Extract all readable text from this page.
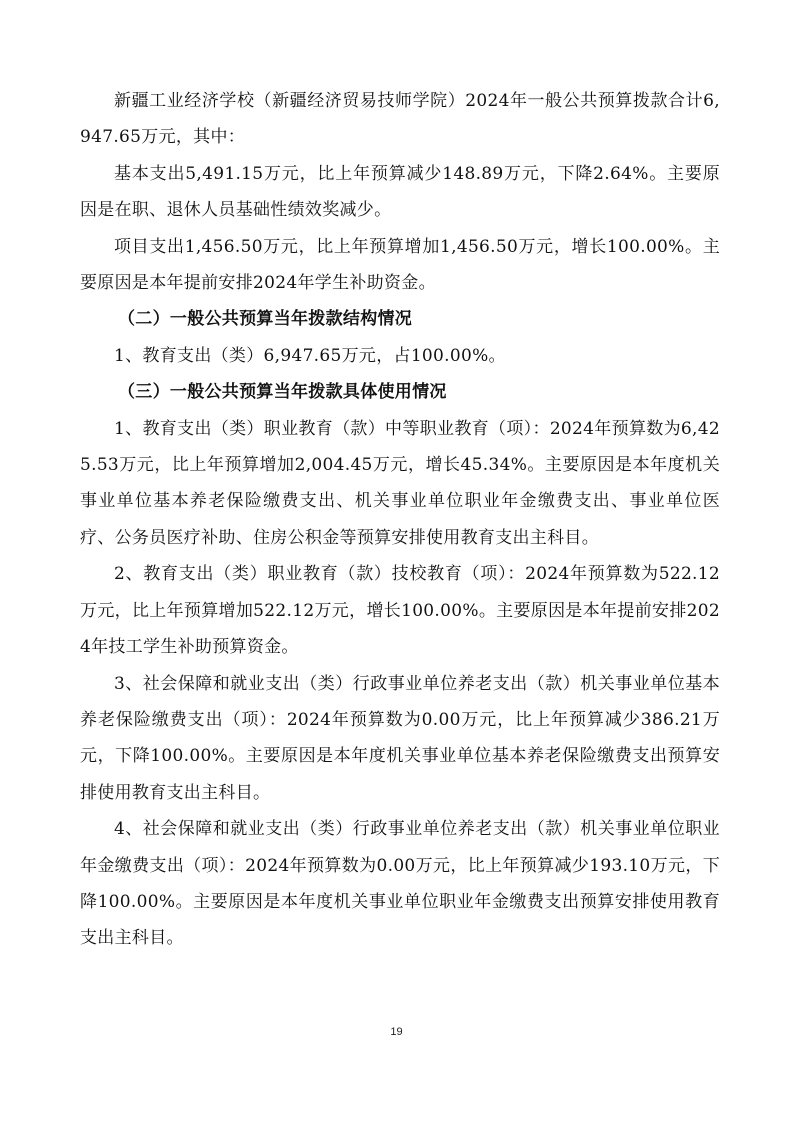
新疆工业经济学校（新疆经济贸易技师学院）2024年一般公共预算拨款合计6,947.65万元，其中：

基本支出5,491.15万元，比上年预算减少148.89万元，下降2.64%。主要原因是在职、退休人员基础性绩效奖减少。

项目支出1,456.50万元，比上年预算增加1,456.50万元，增长100.00%。主要原因是本年提前安排2024年学生补助资金。

（二）一般公共预算当年拨款结构情况

1、教育支出（类）6,947.65万元，占100.00%。

（三）一般公共预算当年拨款具体使用情况

1、教育支出（类）职业教育（款）中等职业教育（项）：2024年预算数为6,425.53万元，比上年预算增加2,004.45万元，增长45.34%。主要原因是本年度机关事业单位基本养老保险缴费支出、机关事业单位职业年金缴费支出、事业单位医疗、公务员医疗补助、住房公积金等预算安排使用教育支出主科目。

2、教育支出（类）职业教育（款）技校教育（项）：2024年预算数为522.12万元，比上年预算增加522.12万元，增长100.00%。主要原因是本年提前安排2024年技工学生补助预算资金。

3、社会保障和就业支出（类）行政事业单位养老支出（款）机关事业单位基本养老保险缴费支出（项）：2024年预算数为0.00万元，比上年预算减少386.21万元，下降100.00%。主要原因是本年度机关事业单位基本养老保险缴费支出预算安排使用教育支出主科目。

4、社会保障和就业支出（类）行政事业单位养老支出（款）机关事业单位职业年金缴费支出（项）：2024年预算数为0.00万元，比上年预算减少193.10万元，下降100.00%。主要原因是本年度机关事业单位职业年金缴费支出预算安排使用教育支出主科目。

19
